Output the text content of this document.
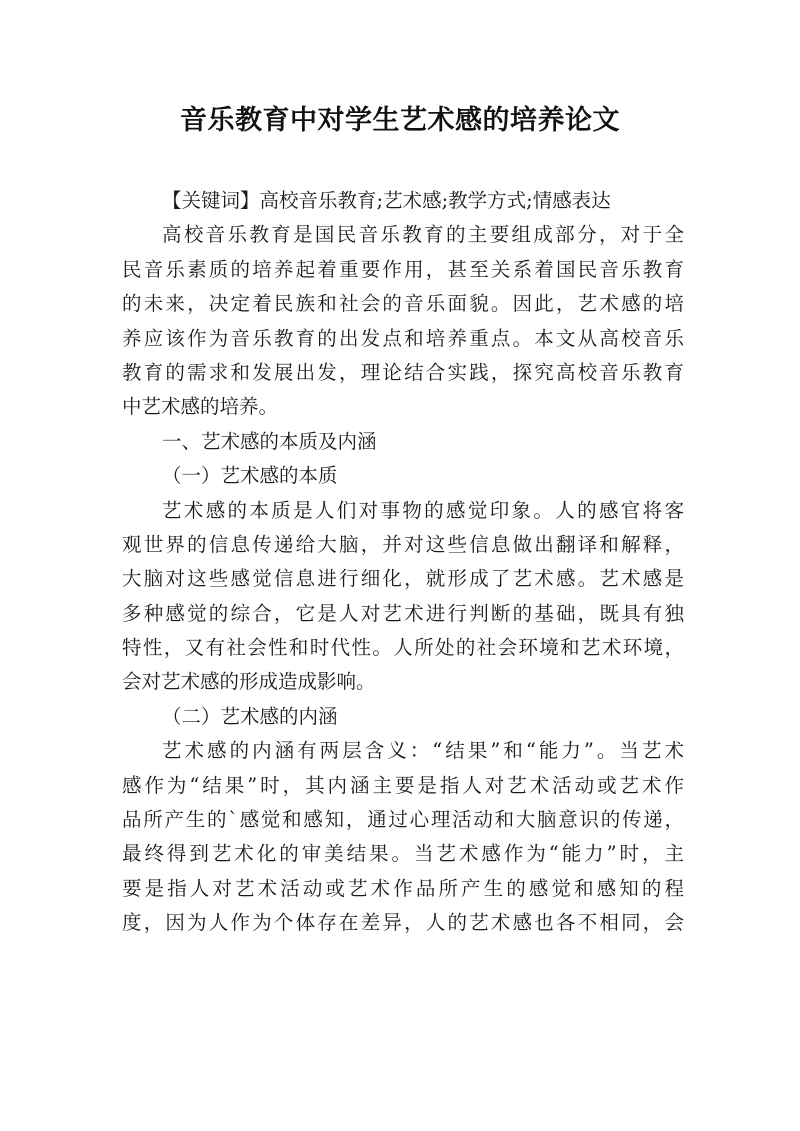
音乐教育中对学生艺术感的培养论文
【关键词】高校音乐教育;艺术感;教学方式;情感表达
高校音乐教育是国民音乐教育的主要组成部分，对于全
民音乐素质的培养起着重要作用，甚至关系着国民音乐教育
的未来，决定着民族和社会的音乐面貌。因此，艺术感的培
养应该作为音乐教育的出发点和培养重点。本文从高校音乐
教育的需求和发展出发，理论结合实践，探究高校音乐教育
中艺术感的培养。
一、艺术感的本质及内涵
（一）艺术感的本质
艺术感的本质是人们对事物的感觉印象。人的感官将客
观世界的信息传递给大脑，并对这些信息做出翻译和解释，
大脑对这些感觉信息进行细化，就形成了艺术感。艺术感是
多种感觉的综合，它是人对艺术进行判断的基础，既具有独
特性，又有社会性和时代性。人所处的社会环境和艺术环境，
会对艺术感的形成造成影响。
（二）艺术感的内涵
艺术感的内涵有两层含义：“结果”和“能力”。当艺术
感作为“结果”时，其内涵主要是指人对艺术活动或艺术作
品所产生的`感觉和感知，通过心理活动和大脑意识的传递，
最终得到艺术化的审美结果。当艺术感作为“能力”时，主
要是指人对艺术活动或艺术作品所产生的感觉和感知的程
度，因为人作为个体存在差异，人的艺术感也各不相同，会
